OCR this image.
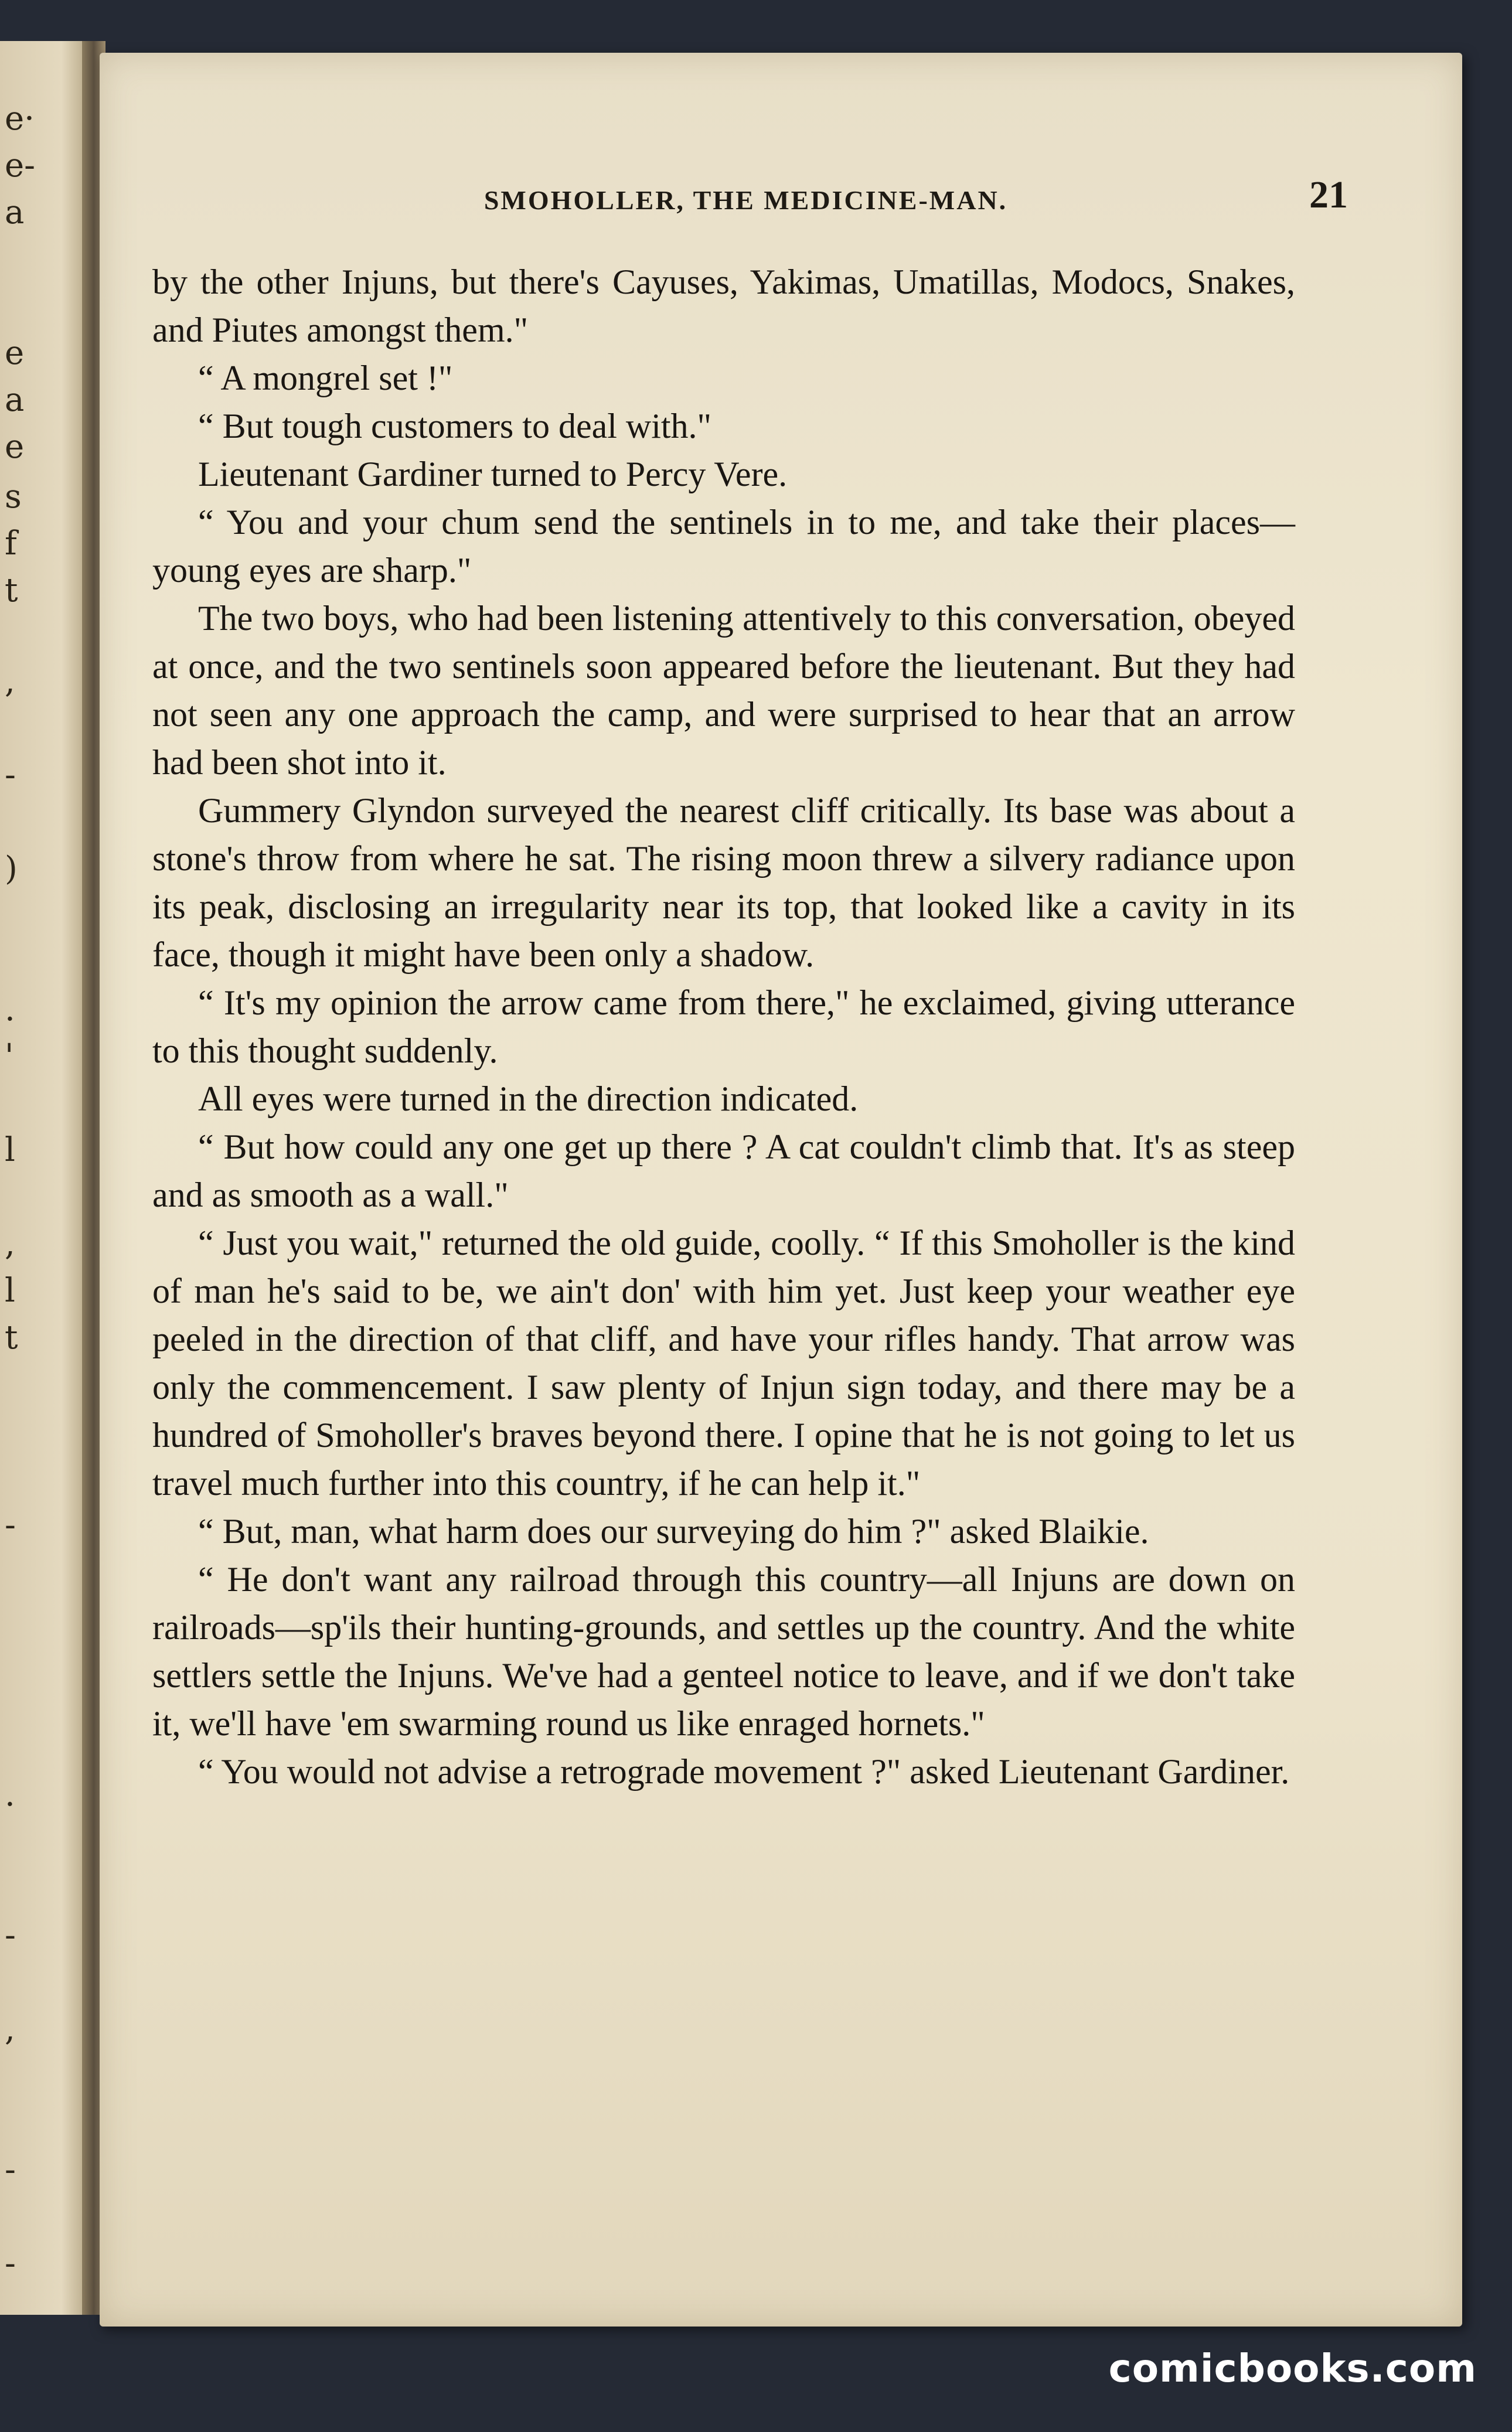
e·
e-
a
e
a
e
s
f
t
,
-
)
.
'
l
,
l
t
-
.
-
,
-
-
SMOHOLLER, THE MEDICINE-MAN.	21

by the other Injuns, but there's Cayuses, Yakimas, Umatillas, Modocs, Snakes, and Piutes amongst them."

“ A mongrel set !"

“ But tough customers to deal with."

Lieutenant Gardiner turned to Percy Vere.

“ You and your chum send the sentinels in to me, and take their places—young eyes are sharp."

The two boys, who had been listening attentively to this conversation, obeyed at once, and the two sentinels soon appeared before the lieutenant. But they had not seen any one approach the camp, and were surprised to hear that an arrow had been shot into it.

Gummery Glyndon surveyed the nearest cliff critically. Its base was about a stone's throw from where he sat. The rising moon threw a silvery radiance upon its peak, disclosing an irregularity near its top, that looked like a cavity in its face, though it might have been only a shadow.

“ It's my opinion the arrow came from there," he exclaimed, giving utterance to this thought suddenly.

All eyes were turned in the direction indicated.

“ But how could any one get up there ? A cat couldn't climb that. It's as steep and as smooth as a wall."

“ Just you wait," returned the old guide, coolly. “ If this Smoholler is the kind of man he's said to be, we ain't don' with him yet. Just keep your weather eye peeled in the direction of that cliff, and have your rifles handy. That arrow was only the commencement. I saw plenty of Injun sign today, and there may be a hundred of Smoholler's braves beyond there. I opine that he is not going to let us travel much further into this country, if he can help it."

“ But, man, what harm does our surveying do him ?" asked Blaikie.

“ He don't want any railroad through this country—all Injuns are down on railroads—sp'ils their hunting-grounds, and settles up the country. And the white settlers settle the Injuns. We've had a genteel notice to leave, and if we don't take it, we'll have 'em swarming round us like enraged hornets."

“ You would not advise a retrograde movement ?" asked Lieutenant Gardiner.

comicbooks.com
